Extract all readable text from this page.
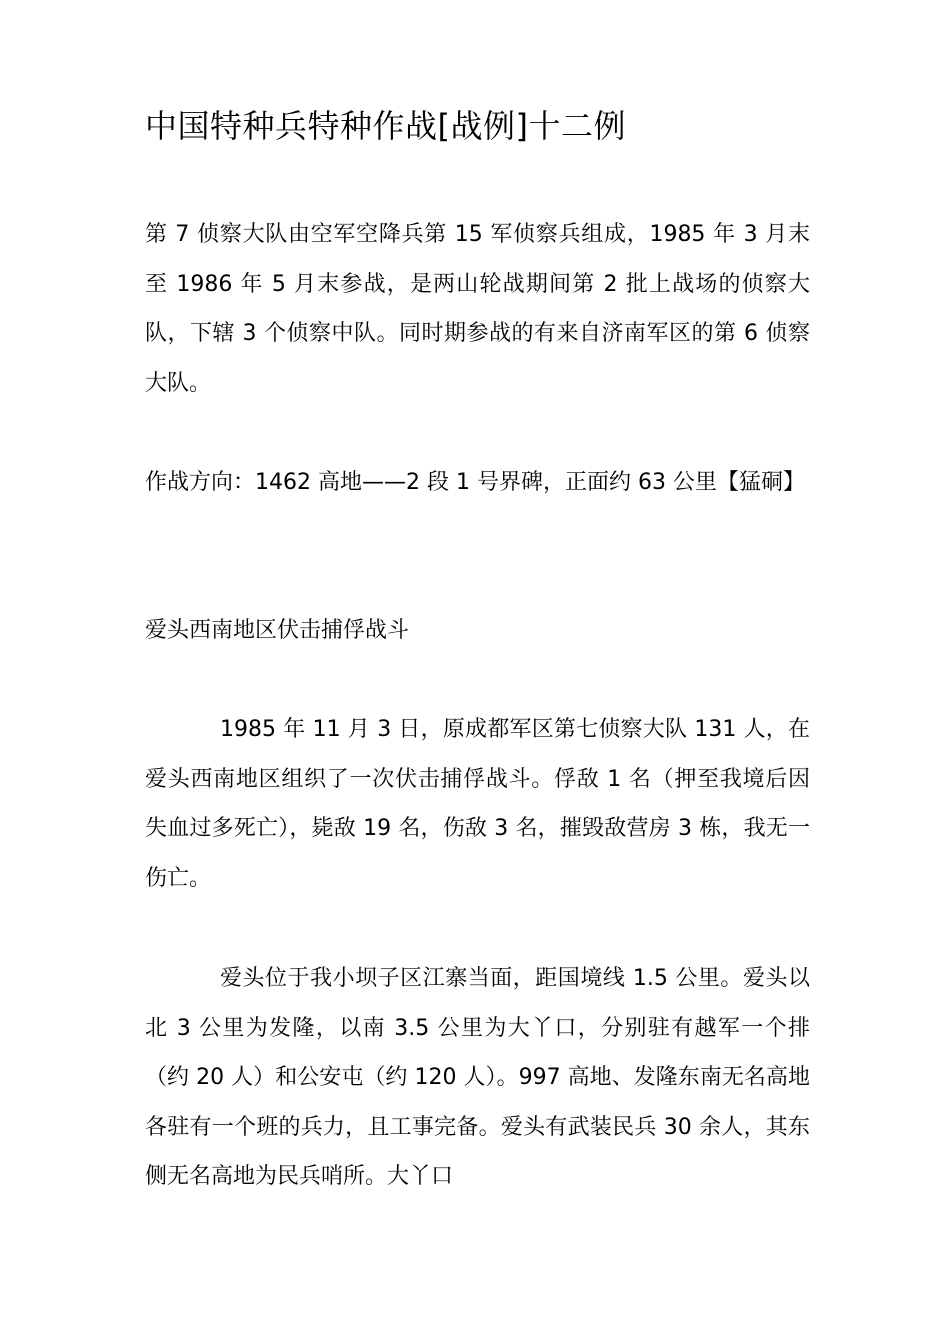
中国特种兵特种作战[战例]十二例
第 7 侦察大队由空军空降兵第 15 军侦察兵组成，1985 年 3 月末至 1986 年 5 月末参战，是两山轮战期间第 2 批上战场的侦察大队，下辖 3 个侦察中队。同时期参战的有来自济南军区的第 6 侦察大队。
作战方向：1462 高地——2 段 1 号界碑，正面约 63 公里【猛硐】
爱头西南地区伏击捕俘战斗
1985 年 11 月 3 日，原成都军区第七侦察大队 131 人，在爱头西南地区组织了一次伏击捕俘战斗。俘敌 1 名（押至我境后因失血过多死亡），毙敌 19 名，伤敌 3 名，摧毁敌营房 3 栋，我无一伤亡。
爱头位于我小坝子区江寨当面，距国境线 1.5 公里。爱头以北 3 公里为发隆，以南 3.5 公里为大丫口，分别驻有越军一个排（约 20 人）和公安屯（约 120 人）。997 高地、发隆东南无名高地各驻有一个班的兵力，且工事完备。爱头有武装民兵 30 余人，其东侧无名高地为民兵哨所。大丫口
